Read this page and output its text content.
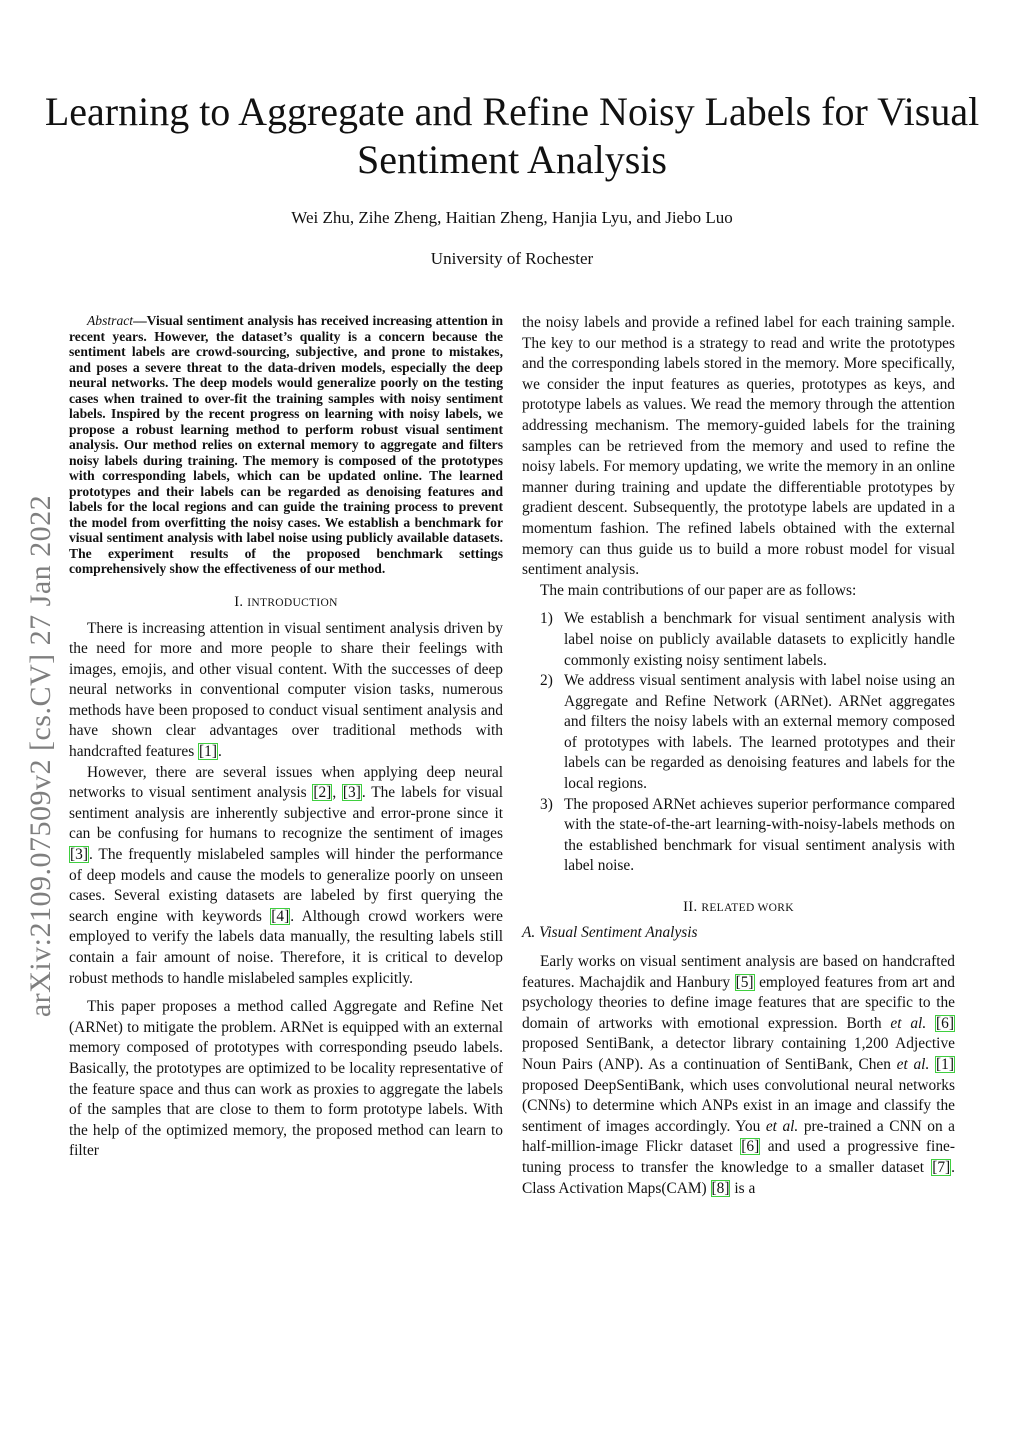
Learning to Aggregate and Refine Noisy Labels for Visual Sentiment Analysis
Wei Zhu, Zihe Zheng, Haitian Zheng, Hanjia Lyu, and Jiebo Luo
University of Rochester
arXiv:2109.07509v2 [cs.CV] 27 Jan 2022

Abstract—Visual sentiment analysis has received increasing attention in recent years. However, the dataset’s quality is a concern because the sentiment labels are crowd-sourcing, subjective, and prone to mistakes, and poses a severe threat to the data-driven models, especially the deep neural networks. The deep models would generalize poorly on the testing cases when trained to over-fit the training samples with noisy sentiment labels. Inspired by the recent progress on learning with noisy labels, we propose a robust learning method to perform robust visual sentiment analysis. Our method relies on external memory to aggregate and filters noisy labels during training. The memory is composed of the prototypes with corresponding labels, which can be updated online. The learned prototypes and their labels can be regarded as denoising features and labels for the local regions and can guide the training process to prevent the model from overfitting the noisy cases. We establish a benchmark for visual sentiment analysis with label noise using publicly available datasets. The experiment results of the proposed benchmark settings comprehensively show the effectiveness of our method.

I. INTRODUCTION

There is increasing attention in visual sentiment analysis driven by the need for more and more people to share their feelings with images, emojis, and other visual content. With the successes of deep neural networks in conventional computer vision tasks, numerous methods have been proposed to conduct visual sentiment analysis and have shown clear advantages over traditional methods with handcrafted features [1].

However, there are several issues when applying deep neural networks to visual sentiment analysis [2], [3]. The labels for visual sentiment analysis are inherently subjective and error-prone since it can be confusing for humans to recognize the sentiment of images [3]. The frequently mislabeled samples will hinder the performance of deep models and cause the models to generalize poorly on unseen cases. Several existing datasets are labeled by first querying the search engine with keywords [4]. Although crowd workers were employed to verify the labels data manually, the resulting labels still contain a fair amount of noise. Therefore, it is critical to develop robust methods to handle mislabeled samples explicitly.

This paper proposes a method called Aggregate and Refine Net (ARNet) to mitigate the problem. ARNet is equipped with an external memory composed of prototypes with corresponding pseudo labels. Basically, the prototypes are optimized to be locality representative of the feature space and thus can work as proxies to aggregate the labels of the samples that are close to them to form prototype labels. With the help of the optimized memory, the proposed method can learn to filter

the noisy labels and provide a refined label for each training sample. The key to our method is a strategy to read and write the prototypes and the corresponding labels stored in the memory. More specifically, we consider the input features as queries, prototypes as keys, and prototype labels as values. We read the memory through the attention addressing mechanism. The memory-guided labels for the training samples can be retrieved from the memory and used to refine the noisy labels. For memory updating, we write the memory in an online manner during training and update the differentiable prototypes by gradient descent. Subsequently, the prototype labels are updated in a momentum fashion. The refined labels obtained with the external memory can thus guide us to build a more robust model for visual sentiment analysis.

The main contributions of our paper are as follows:

1) We establish a benchmark for visual sentiment analysis with label noise on publicly available datasets to explicitly handle commonly existing noisy sentiment labels.
2) We address visual sentiment analysis with label noise using an Aggregate and Refine Network (ARNet). ARNet aggregates and filters the noisy labels with an external memory composed of prototypes with labels. The learned prototypes and their labels can be regarded as denoising features and labels for the local regions.
3) The proposed ARNet achieves superior performance compared with the state-of-the-art learning-with-noisy-labels methods on the established benchmark for visual sentiment analysis with label noise.
II. RELATED WORK
A. Visual Sentiment Analysis

Early works on visual sentiment analysis are based on handcrafted features. Machajdik and Hanbury [5] employed features from art and psychology theories to define image features that are specific to the domain of artworks with emotional expression. Borth et al. [6] proposed SentiBank, a detector library containing 1,200 Adjective Noun Pairs (ANP). As a continuation of SentiBank, Chen et al. [1] proposed DeepSentiBank, which uses convolutional neural networks (CNNs) to determine which ANPs exist in an image and classify the sentiment of images accordingly. You et al. pre-trained a CNN on a half-million-image Flickr dataset [6] and used a progressive fine-tuning process to transfer the knowledge to a smaller dataset [7]. Class Activation Maps(CAM) [8] is a
